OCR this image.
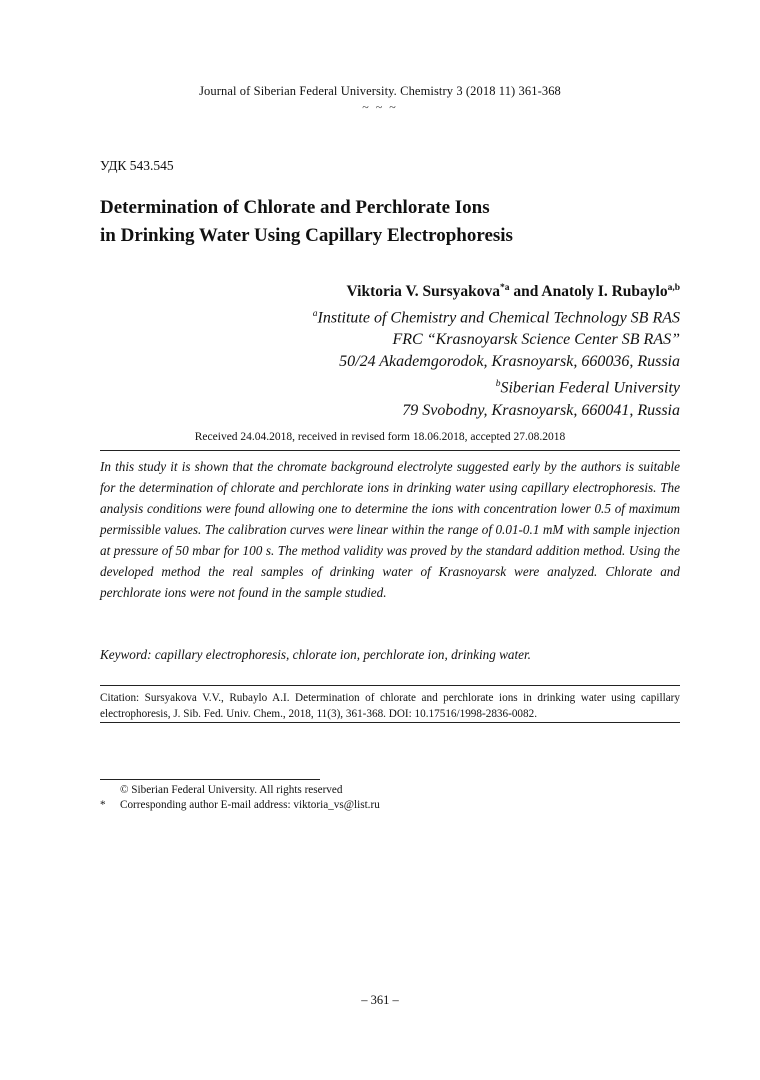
Journal of Siberian Federal University. Chemistry 3 (2018 11) 361-368
~ ~ ~
УДК 543.545
Determination of Chlorate and Perchlorate Ions
in Drinking Water Using Capillary Electrophoresis
Viktoria V. Sursyakova$^{*a}$ and Anatoly I. Rubaylo$^{a,b}$
$^a$Institute of Chemistry and Chemical Technology SB RAS
FRC “Krasnoyarsk Science Center SB RAS”
50/24 Akademgorodok, Krasnoyarsk, 660036, Russia
$^b$Siberian Federal University
79 Svobodny, Krasnoyarsk, 660041, Russia
Received 24.04.2018, received in revised form 18.06.2018, accepted 27.08.2018

In this study it is shown that the chromate background electrolyte suggested early by the authors is suitable for the determination of chlorate and perchlorate ions in drinking water using capillary electrophoresis. The analysis conditions were found allowing one to determine the ions with concentration lower 0.5 of maximum permissible values. The calibration curves were linear within the range of 0.01-0.1 mM with sample injection at pressure of 50 mbar for 100 s. The method validity was proved by the standard addition method. Using the developed method the real samples of drinking water of Krasnoyarsk were analyzed. Chlorate and perchlorate ions were not found in the sample studied.

Keyword: capillary electrophoresis, chlorate ion, perchlorate ion, drinking water.
Citation: Sursyakova V.V., Rubaylo A.I. Determination of chlorate and perchlorate ions in drinking water using capillary electrophoresis, J. Sib. Fed. Univ. Chem., 2018, 11(3), 361-368. DOI: 10.17516/1998-2836-0082.
© Siberian Federal University. All rights reserved
* Corresponding author E-mail address: viktoria_vs@list.ru
– 361 –
